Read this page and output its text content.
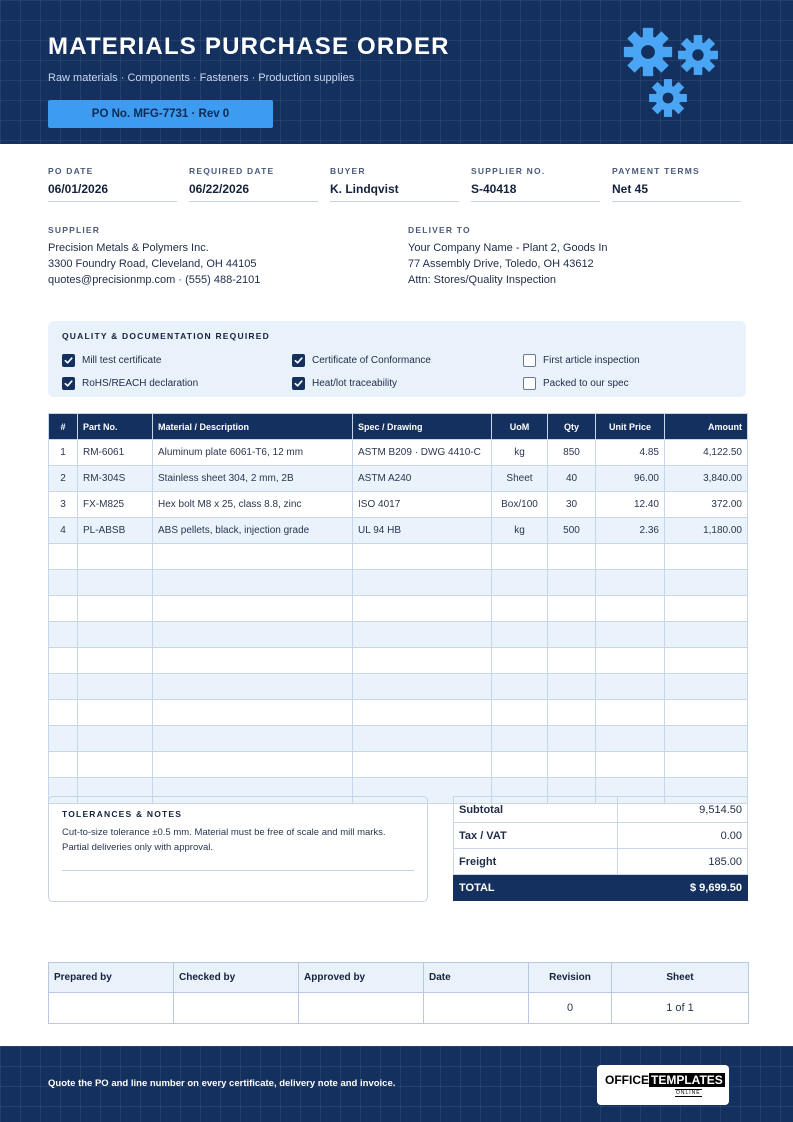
MATERIALS PURCHASE ORDER
Raw materials · Components · Fasteners · Production supplies
PO No. MFG-7731 · Rev 0
PO DATE
06/01/2026
REQUIRED DATE
06/22/2026
BUYER
K. Lindqvist
SUPPLIER NO.
S-40418
PAYMENT TERMS
Net 45
SUPPLIER
Precision Metals & Polymers Inc.
3300 Foundry Road, Cleveland, OH 44105
quotes@precisionmp.com · (555) 488-2101
DELIVER TO
Your Company Name - Plant 2, Goods In
77 Assembly Drive, Toledo, OH 43612
Attn: Stores/Quality Inspection
QUALITY & DOCUMENTATION REQUIRED
Mill test certificate	Certificate of Conformance	First article inspection
RoHS/REACH declaration	Heat/lot traceability	Packed to our spec
#	Part No.	Material / Description	Spec / Drawing	UoM	Qty	Unit Price	Amount
1	RM-6061	Aluminum plate 6061-T6, 12 mm	ASTM B209 · DWG 4410-C	kg	850	4.85	4,122.50
2	RM-304S	Stainless sheet 304, 2 mm, 2B	ASTM A240	Sheet	40	96.00	3,840.00
3	FX-M825	Hex bolt M8 x 25, class 8.8, zinc	ISO 4017	Box/100	30	12.40	372.00
4	PL-ABSB	ABS pellets, black, injection grade	UL 94 HB	kg	500	2.36	1,180.00

TOLERANCES & NOTES
Cut-to-size tolerance ±0.5 mm. Material must be free of scale and mill marks. Partial deliveries only with approval.
Subtotal	9,514.50
Tax / VAT	0.00
Freight	185.00
TOTAL	$ 9,699.50
Prepared by	Checked by	Approved by	Date	Revision	Sheet
				0	1 of 1
Quote the PO and line number on every certificate, delivery note and invoice.	OFFICE TEMPLATES
ONLINE
